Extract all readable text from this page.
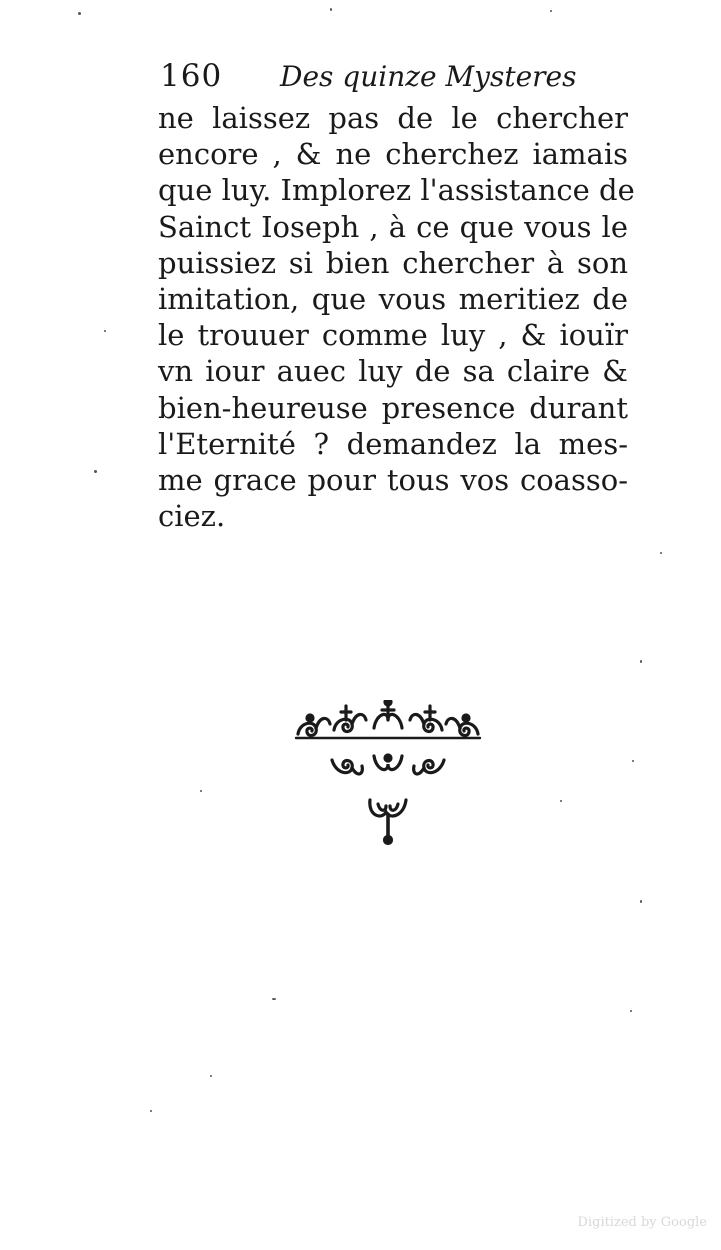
160 Des quinze Mysteres
ne laissez pas de le chercher
encore , & ne cherchez iamais
que luy. Implorez l'assistance de
Sainct Ioseph , à ce que vous le
puissiez si bien chercher à son
imitation, que vous meritiez de
le trouuer comme luy , & iouïr
vn iour auec luy de sa claire &
bien-heureuse presence durant
l'Eternité ? demandez la mes-
me grace pour tous vos coasso-
ciez.
Digitized by Google
